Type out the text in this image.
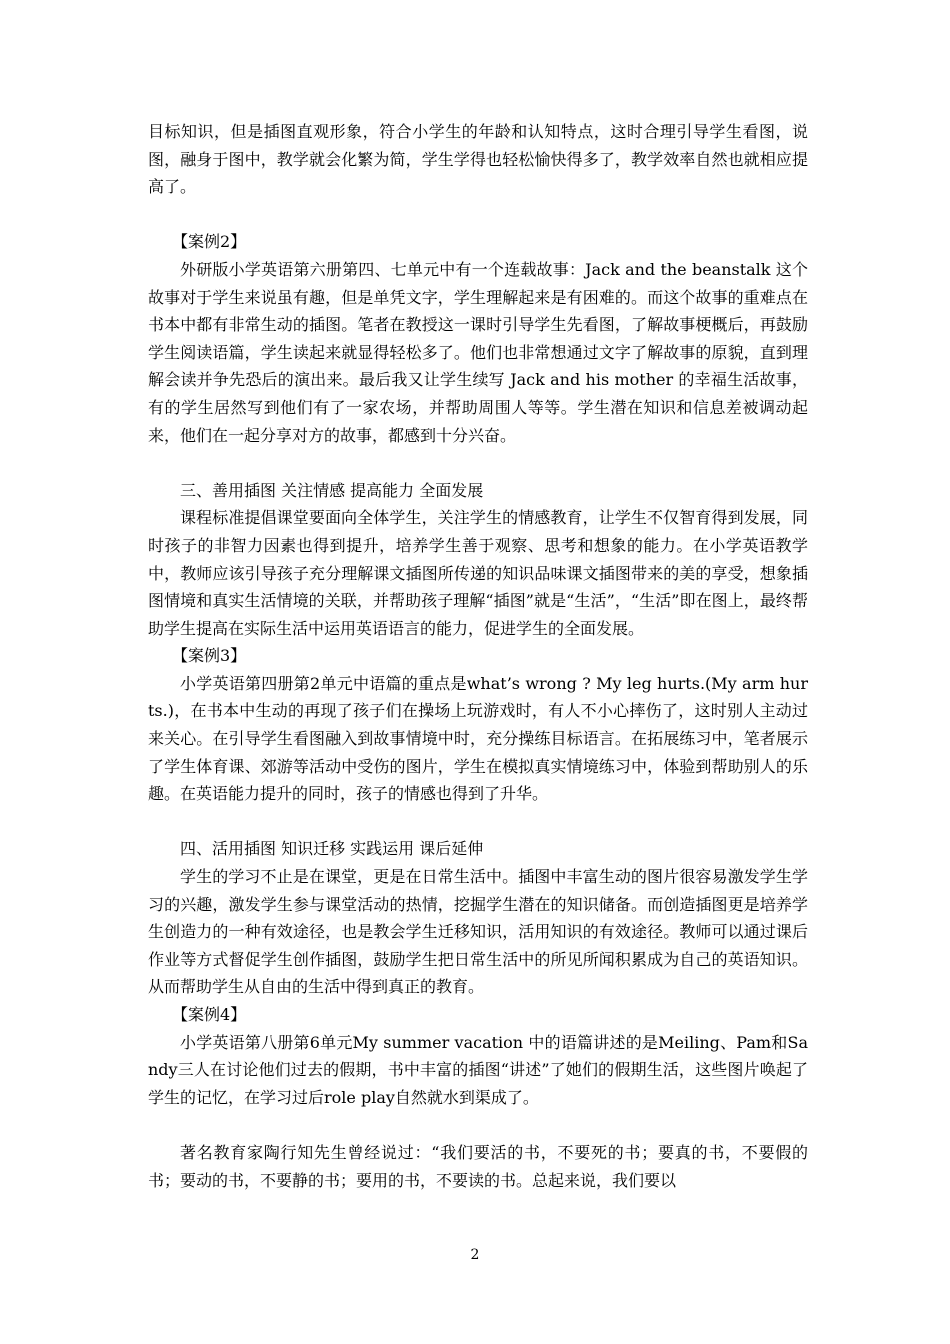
目标知识，但是插图直观形象，符合小学生的年龄和认知特点，这时合理引导学生看图，说图，融身于图中，教学就会化繁为简，学生学得也轻松愉快得多了，教学效率自然也就相应提高了。

【案例2】

外研版小学英语第六册第四、七单元中有一个连载故事：Jack and the beanstalk 这个故事对于学生来说虽有趣，但是单凭文字，学生理解起来是有困难的。而这个故事的重难点在书本中都有非常生动的插图。笔者在教授这一课时引导学生先看图，了解故事梗概后，再鼓励学生阅读语篇，学生读起来就显得轻松多了。他们也非常想通过文字了解故事的原貌，直到理解会读并争先恐后的演出来。最后我又让学生续写 Jack and his mother 的幸福生活故事，有的学生居然写到他们有了一家农场，并帮助周围人等等。学生潜在知识和信息差被调动起来，他们在一起分享对方的故事，都感到十分兴奋。

三、善用插图 关注情感 提高能力 全面发展

课程标准提倡课堂要面向全体学生，关注学生的情感教育，让学生不仅智育得到发展，同时孩子的非智力因素也得到提升，培养学生善于观察、思考和想象的能力。在小学英语教学中，教师应该引导孩子充分理解课文插图所传递的知识品味课文插图带来的美的享受，想象插图情境和真实生活情境的关联，并帮助孩子理解“插图”就是“生活”，“生活”即在图上，最终帮助学生提高在实际生活中运用英语语言的能力，促进学生的全面发展。

【案例3】

小学英语第四册第2单元中语篇的重点是what’s wrong ? My leg hurts.(My arm hurts.)，在书本中生动的再现了孩子们在操场上玩游戏时，有人不小心摔伤了，这时别人主动过来关心。在引导学生看图融入到故事情境中时，充分操练目标语言。在拓展练习中，笔者展示了学生体育课、郊游等活动中受伤的图片，学生在模拟真实情境练习中，体验到帮助别人的乐趣。在英语能力提升的同时，孩子的情感也得到了升华。

四、活用插图 知识迁移 实践运用 课后延伸

学生的学习不止是在课堂，更是在日常生活中。插图中丰富生动的图片很容易激发学生学习的兴趣，激发学生参与课堂活动的热情，挖掘学生潜在的知识储备。而创造插图更是培养学生创造力的一种有效途径，也是教会学生迁移知识，活用知识的有效途径。教师可以通过课后作业等方式督促学生创作插图，鼓励学生把日常生活中的所见所闻积累成为自己的英语知识。从而帮助学生从自由的生活中得到真正的教育。

【案例4】

小学英语第八册第6单元My summer vacation 中的语篇讲述的是Meiling、Pam和Sandy三人在讨论他们过去的假期，书中丰富的插图“讲述”了她们的假期生活，这些图片唤起了学生的记忆，在学习过后role play自然就水到渠成了。

著名教育家陶行知先生曾经说过：“我们要活的书，不要死的书；要真的书，不要假的书；要动的书，不要静的书；要用的书，不要读的书。总起来说，我们要以

2
